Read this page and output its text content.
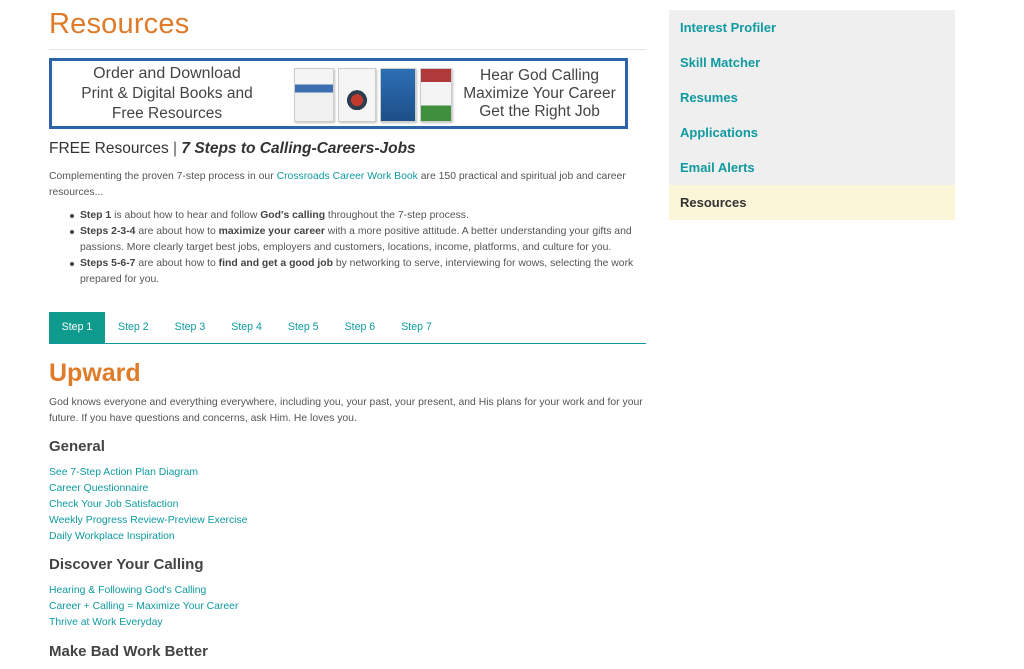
Resources
Order and Download
Print & Digital Books and
Free Resources
Hear God Calling
Maximize Your Career
Get the Right Job
FREE Resources | 7 Steps to Calling-Careers-Jobs

Complementing the proven 7-step process in our Crossroads Career Work Book are 150 practical and spiritual job and career resources...

Step 1 is about how to hear and follow God's calling throughout the 7-step process.
Steps 2-3-4 are about how to maximize your career with a more positive attitude. A better understanding your gifts and passions. More clearly target best jobs, employers and customers, locations, income, platforms, and culture for you.
Steps 5-6-7 are about how to find and get a good job by networking to serve, interviewing for wows, selecting the work prepared for you.
Step 1	Step 2	Step 3	Step 4	Step 5	Step 6	Step 7
Upward

God knows everyone and everything everywhere, including you, your past, your present, and His plans for your work and for your future. If you have questions and concerns, ask Him. He loves you.

General
See 7-Step Action Plan Diagram
Career Questionnaire
Check Your Job Satisfaction
Weekly Progress Review-Preview Exercise
Daily Workplace Inspiration
Discover Your Calling
Hearing & Following God's Calling
Career + Calling = Maximize Your Career
Thrive at Work Everyday
Make Bad Work Better
Interest Profiler
Skill Matcher
Resumes
Applications
Email Alerts
Resources
